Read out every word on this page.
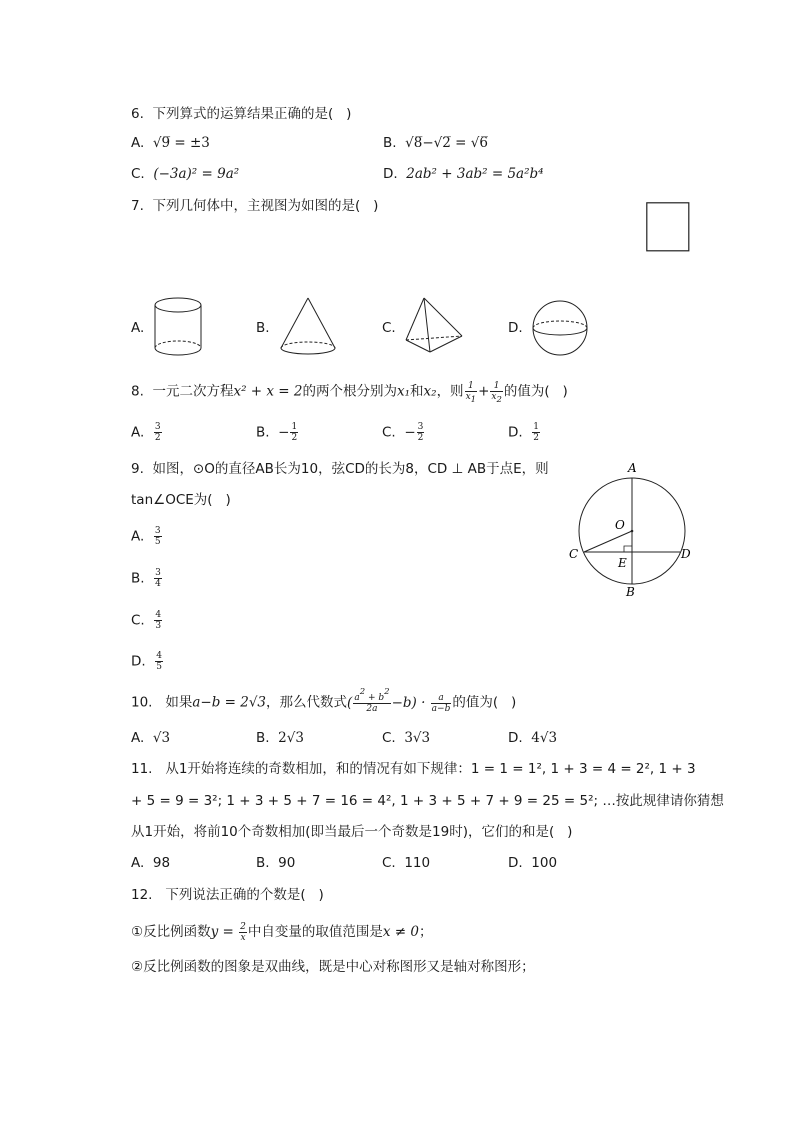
6.  下列算式的运算结果正确的是(   )
A. √9̅ = ±3	B. √8̅−√2̅ = √6̅
C. (−3a)² = 9a²	D. 2ab² + 3ab² = 5a²b⁴
7.  下列几何体中，主视图为如图的是(   )
A.	B.	C.	D.
8.  一元二次方程x² + x = 2的两个根分别为x₁和x₂，则 $\frac{1}{x_1} + \frac{1}{x_2}$ 的值为(   )
A. $\frac{3}{2}$	B. − $\frac{1}{2}$	C. − $\frac{3}{2}$	D. $\frac{1}{2}$
9.  如图，⊙O的直径AB长为10，弦CD的长为8，CD ⊥ AB于点E，则
tan∠OCE为(   )
A. $\frac{3}{5}$
B. $\frac{3}{4}$
C. $\frac{4}{3}$
D. $\frac{4}{5}$
A
B
C	D
O
E
10.   如果a−b = 2√3，那么代数式( $\frac{a^2 + b^2}{2a} -b) \cdot \frac{a}{a-b}$ 的值为(   )
A. √3	B. 2√3	C. 3√3	D. 4√3
11.   从1开始将连续的奇数相加，和的情况有如下规律：1 = 1 = 1², 1 + 3 = 4 = 2², 1 + 3
+ 5 = 9 = 3²; 1 + 3 + 5 + 7 = 16 = 4², 1 + 3 + 5 + 7 + 9 = 25 = 5²; …按此规律请你猜想
从1开始，将前10个奇数相加(即当最后一个奇数是19时)，它们的和是(   )
A. 98	B. 90	C. 110	D. 100
12.   下列说法正确的个数是(   )
①反比例函数$y = \frac{2}{x}$ 中自变量的取值范围是x ≠ 0；
②反比例函数的图象是双曲线，既是中心对称图形又是轴对称图形；
